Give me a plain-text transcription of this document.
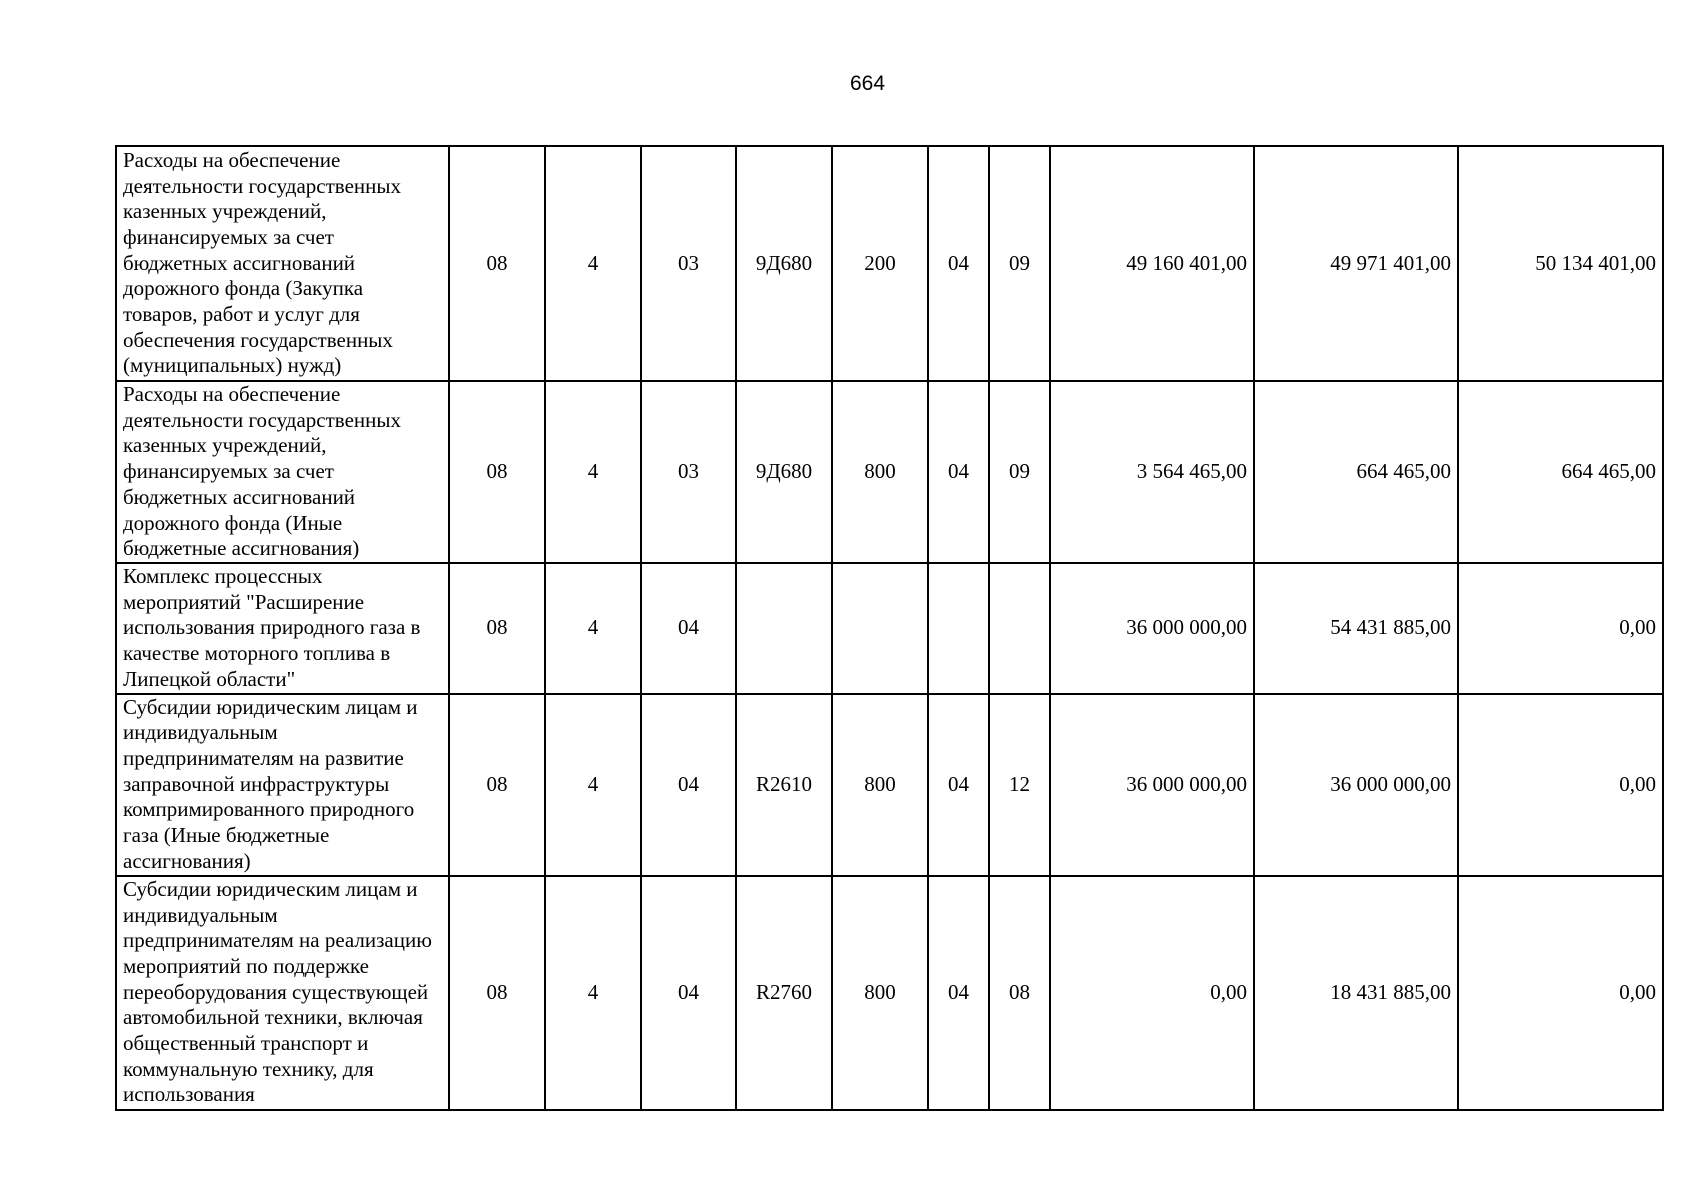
664
Расходы на обеспечение деятельности государственных казенных учреждений, финансируемых за счет бюджетных ассигнований дорожного фонда (Закупка товаров, работ и услуг для обеспечения государственных (муниципальных) нужд)	08	4	03	9Д680	200	04	09	49 160 401,00	49 971 401,00	50 134 401,00
Расходы на обеспечение деятельности государственных казенных учреждений, финансируемых за счет бюджетных ассигнований дорожного фонда (Иные бюджетные ассигнования)	08	4	03	9Д680	800	04	09	3 564 465,00	664 465,00	664 465,00
Комплекс процессных мероприятий "Расширение использования природного газа в качестве моторного топлива в Липецкой области"	08	4	04					36 000 000,00	54 431 885,00	0,00
Субсидии юридическим лицам и индивидуальным предпринимателям на развитие заправочной инфраструктуры компримированного природного газа (Иные бюджетные ассигнования)	08	4	04	R2610	800	04	12	36 000 000,00	36 000 000,00	0,00
Субсидии юридическим лицам и индивидуальным предпринимателям на реализацию мероприятий по поддержке переоборудования существующей автомобильной техники, включая общественный транспорт и коммунальную технику, для использования	08	4	04	R2760	800	04	08	0,00	18 431 885,00	0,00
